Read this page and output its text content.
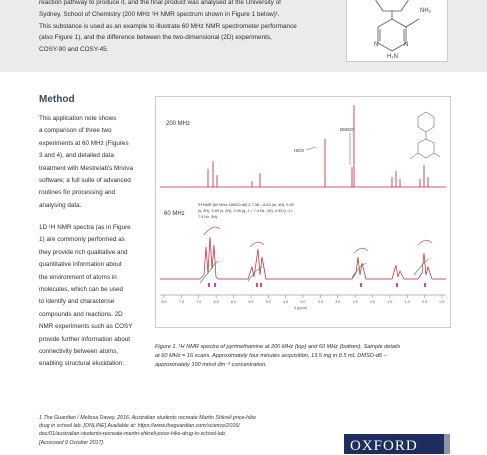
reaction pathway to produce it, and the final product was analysed at the University of
Sydney, School of Chemistry (200 MHz ¹H NMR spectrum shown in Figure 1 below)¹.
This substance is used as an example to illustrate 60 MHz NMR spectrometer performance
(also Figure 1), and the difference between the two-dimensional (2D) experiments,
COSY-90 and COSY-45.
NH₂
N	N
H₂N
Method
This application note shows
a comparison of three two
experiments at 60 MHz (Figures
3 and 4), and detailed data
treatment with Mestrelab's Mnova
software; a full suite of advanced
routines for processing and
analysing data.
1D ¹H NMR spectra (as in Figure
1) are commonly performed as
they provide rich qualitative and
quantitative information about
the environment of atoms in
molecules, which can be used
to identify and characterise
compounds and reactions. 2D
NMR experiments such as COSY
provide further information about
connectivity between atoms,
enabling structural elucidation.
200 MHz
60 MHz
HDO
DMSO
¹H NMR (60 MHz, DMSO-d6) δ 7.38 – 6.63 (m, 4H), 5.92
(s, 2H), 5.59 (s, 2H), 2.09 (q, J = 7.4 Hz, 2H), 0.93 (t, J =
7.4 Hz, 3H).
8.0	7.5	7.0	6.5	6.0	5.5	5.0	4.5	4.0	3.5	3.0	2.5	2.0	1.5	1.0	0.5	0.0
δ (ppm)
Figure 1. ¹H NMR spectra of pyrimethamine at 200 MHz (top) and 60 MHz (bottom). Sample details
at 60 MHz = 16 scans. Approximately four minutes acquisition, 13.5 mg in 0.5 mL DMSO-d6 –
approximately 100 mmol dm⁻³ concentration.
1 The Guardian / Melissa Davey. 2016. Australian students recreate Martin Shkreli price-hike
drug in school lab. [ONLINE] Available at: https://www.theguardian.com/science/2016/
dec/01/australian-students-recreate-martin-shkreli-price-hike-drug-in-school-lab.
[Accessed 9 October 2017].	OXFORD
